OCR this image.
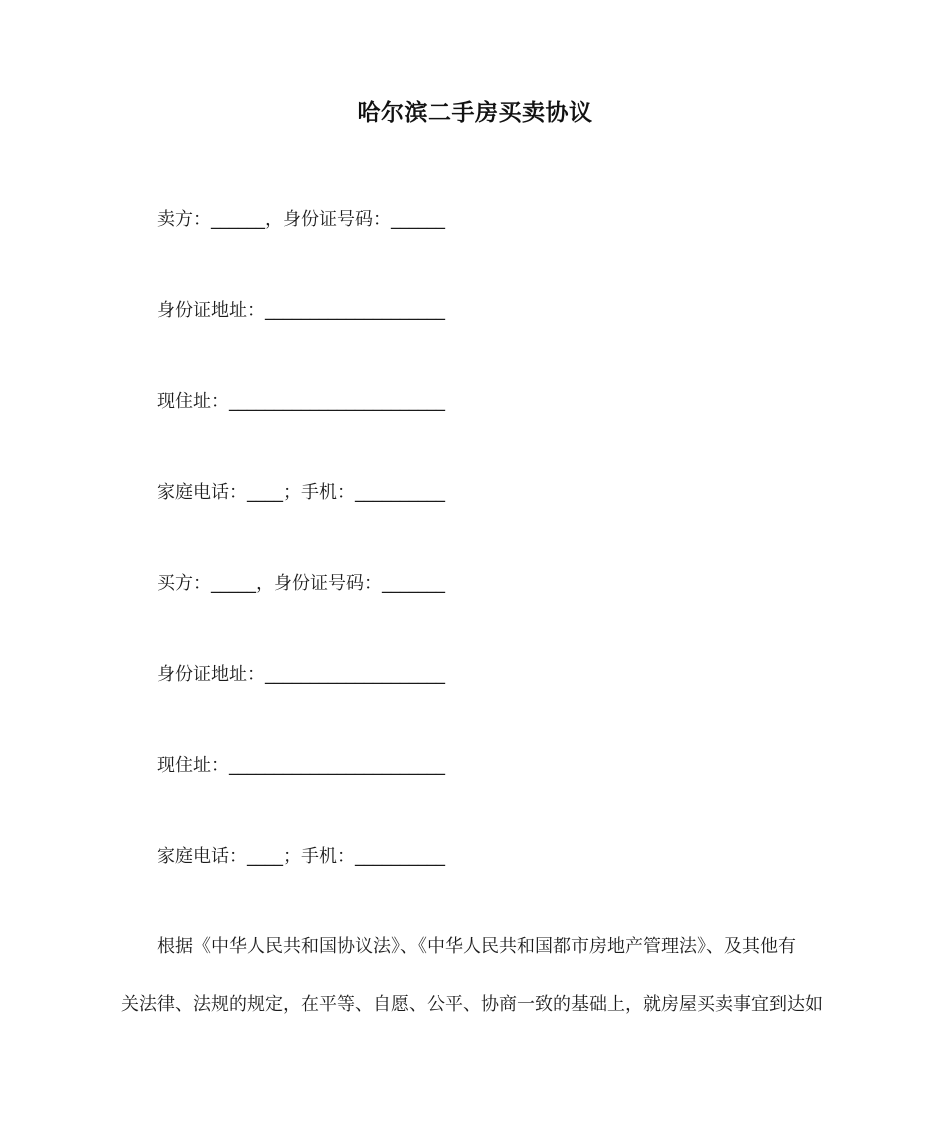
哈尔滨二手房买卖协议
卖方：______，身份证号码：______
身份证地址：____________________
现住址：________________________
家庭电话：____；手机：__________
买方：_____，身份证号码：_______
身份证地址：____________________
现住址：________________________
家庭电话：____；手机：__________
根据《中华人民共和国协议法》、《中华人民共和国都市房地产管理法》、及其他有
关法律、法规的规定，在平等、自愿、公平、协商一致的基础上，就房屋买卖事宜到达如
